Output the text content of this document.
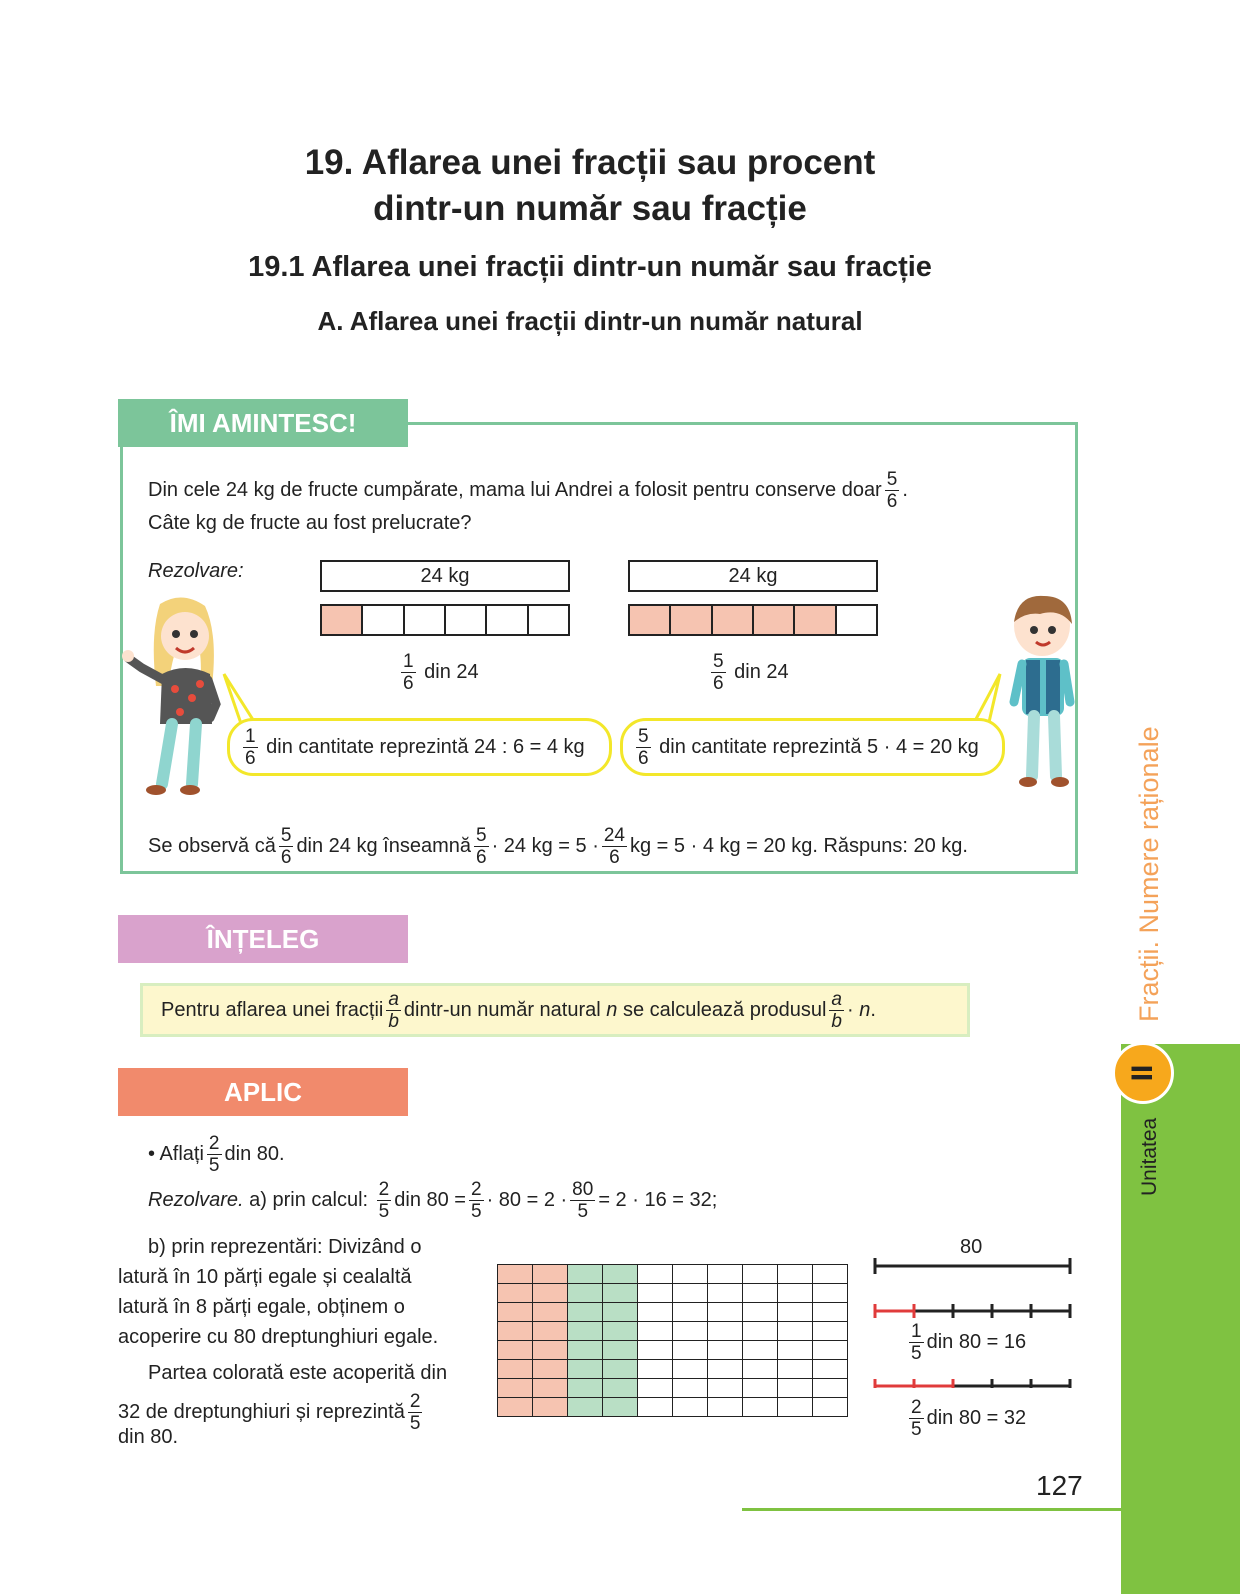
19. Aflarea unei fracții sau procent
dintr-un număr sau fracție
19.1 Aflarea unei fracții dintr-un număr sau fracție
A. Aflarea unei fracții dintr-un număr natural
ÎMI AMINTESC!
Din cele 24 kg de fructe cumpărate, mama lui Andrei a folosit pentru conserve doar $\frac{5}{6}$ .
Câte kg de fructe au fost prelucrate?
Rezolvare:	24 kg
$\frac{1}{6}$ din 24
24 kg
$\frac{5}{6}$ din 24
$\frac{1}{6}$
din cantitate reprezintă 24 : 6 = 4 kg	$\frac{5}{6}$
din cantitate reprezintă 5 · 4 = 20 kg
Se observă că $\frac{5}{6}$ din 24 kg înseamnă $\frac{5}{6} \cdot 24$ kg = $5 \cdot \frac{24}{6}$ kg = 5 · 4 kg = 20 kg. Răspuns: 20 kg.
ÎNȚELEG
Pentru aflarea unei fracții $\frac{a}{b}$ dintr-un număr natural
n
se calculează produsul $\frac{a}{b}$ ·
n .
APLIC
• Aflați $\frac{2}{5}$ din 80.
Rezolvare.
a) prin calcul:
$\frac{2}{5}$ din $80 = \frac{2}{5} \cdot 80 = 2 \cdot \frac{80}{5} = 2 \cdot 16 = 32$;
b) prin reprezentări: Divizând o
latură în 10 părți egale și cealaltă
latură în 8 părți egale, obținem o
acoperire cu 80 dreptunghiuri egale.
Partea colorată este acoperită din
32 de dreptunghiuri și reprezintă $\frac{2}{5}$
din 80.

80
$\frac{1}{5}$ din 80 = 16
$\frac{2}{5}$ din 80 = 32
127
Unitatea
Fracții. Numere raționale
II
